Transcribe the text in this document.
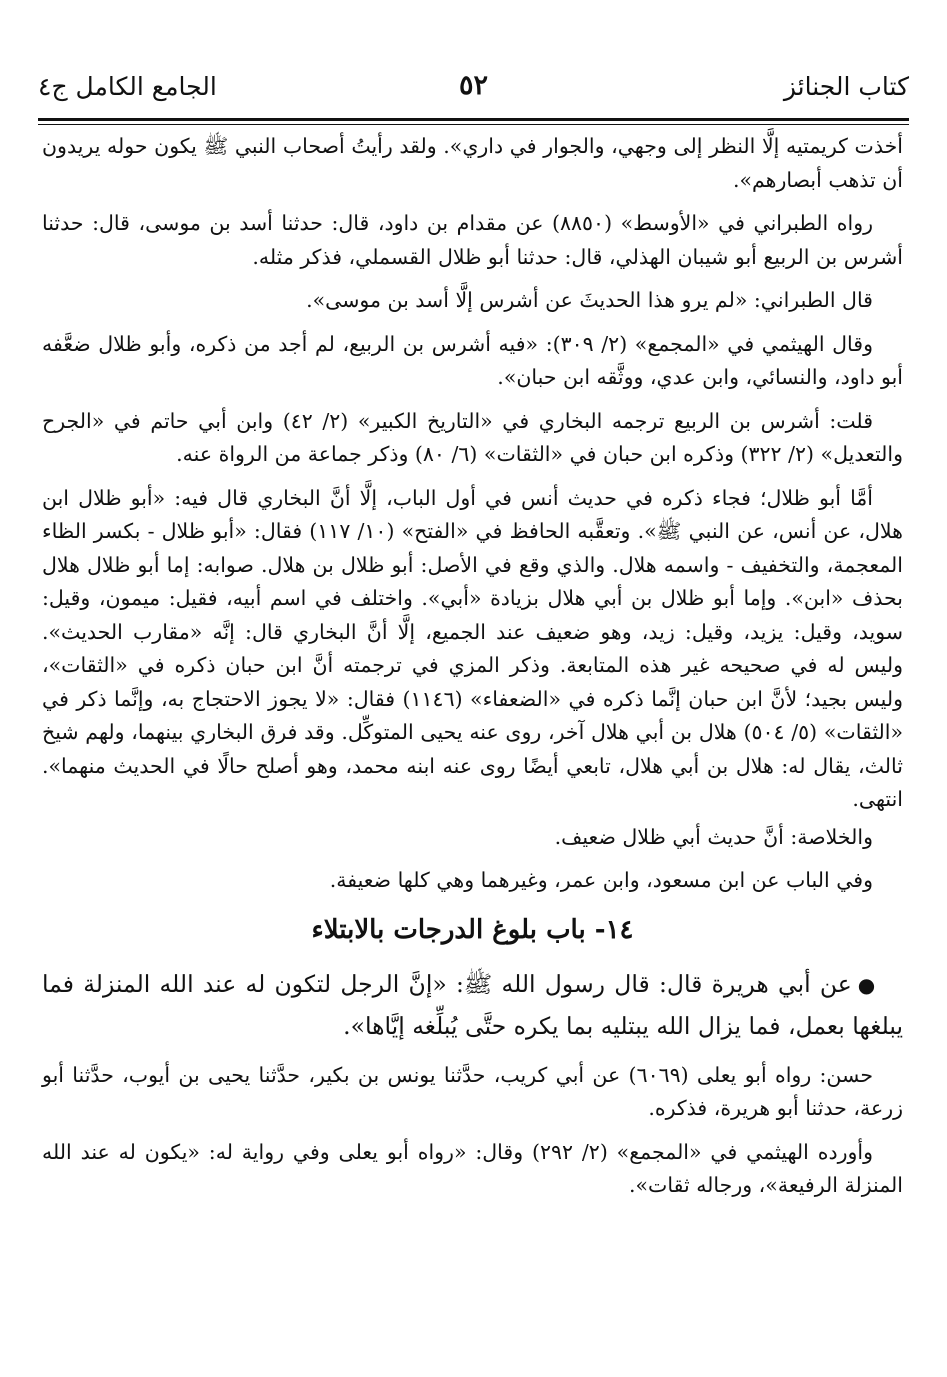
كتاب الجنائز
٥٢
الجامع الكامل ج٤

أخذت كريمتيه إلَّا النظر إلى وجهي، والجوار في داري». ولقد رأيتُ أصحاب النبي ﷺ يكون حوله يريدون أن تذهب أبصارهم».

رواه الطبراني في «الأوسط» (٨٨٥٠) عن مقدام بن داود، قال: حدثنا أسد بن موسى، قال: حدثنا أشرس بن الربيع أبو شيبان الهذلي، قال: حدثنا أبو ظلال القسملي، فذكر مثله.

قال الطبراني: «لم يرو هذا الحديثَ عن أشرس إلَّا أسد بن موسى».

وقال الهيثمي في «المجمع» (٢/ ٣٠٩): «فيه أشرس بن الربيع، لم أجد من ذكره، وأبو ظلال ضعَّفه أبو داود، والنسائي، وابن عدي، ووثَّقه ابن حبان».

قلت: أشرس بن الربيع ترجمه البخاري في «التاريخ الكبير» (٢/ ٤٢) وابن أبي حاتم في «الجرح والتعديل» (٢/ ٣٢٢) وذكره ابن حبان في «الثقات» (٦/ ٨٠) وذكر جماعة من الرواة عنه.

أمَّا أبو ظلال؛ فجاء ذكره في حديث أنس في أول الباب، إلَّا أنَّ البخاري قال فيه: «أبو ظلال ابن هلال، عن أنس، عن النبي ﷺ». وتعقَّبه الحافظ في «الفتح» (١٠/ ١١٧) فقال: «أبو ظلال - بكسر الظاء المعجمة، والتخفيف - واسمه هلال. والذي وقع في الأصل: أبو ظلال بن هلال. صوابه: إما أبو ظلال هلال بحذف «ابن». وإما أبو ظلال بن أبي هلال بزيادة «أبي». واختلف في اسم أبيه، فقيل: ميمون، وقيل: سويد، وقيل: يزيد، وقيل: زيد، وهو ضعيف عند الجميع، إلَّا أنَّ البخاري قال: إنَّه «مقارب الحديث». وليس له في صحيحه غير هذه المتابعة. وذكر المزي في ترجمته أنَّ ابن حبان ذكره في «الثقات»، وليس بجيد؛ لأنَّ ابن حبان إنَّما ذكره في «الضعفاء» (١١٤٦) فقال: «لا يجوز الاحتجاج به، وإنَّما ذكر في «الثقات» (٥/ ٥٠٤) هلال بن أبي هلال آخر، روى عنه يحيى المتوكِّل. وقد فرق البخاري بينهما، ولهم شيخ ثالث، يقال له: هلال بن أبي هلال، تابعي أيضًا روى عنه ابنه محمد، وهو أصلح حالًا في الحديث منهما». انتهى.

والخلاصة: أنَّ حديث أبي ظلال ضعيف.

وفي الباب عن ابن مسعود، وابن عمر، وغيرهما وهي كلها ضعيفة.

١٤- باب بلوغ الدرجات بالابتلاء

●عن أبي هريرة قال: قال رسول الله ﷺ: «إنَّ الرجل لتكون له عند الله المنزلة فما يبلغها بعمل، فما يزال الله يبتليه بما يكره حتَّى يُبلِّغه إيَّاها».

حسن: رواه أبو يعلى (٦٠٦٩) عن أبي كريب، حدَّثنا يونس بن بكير، حدَّثنا يحيى بن أيوب، حدَّثنا أبو زرعة، حدثنا أبو هريرة، فذكره.

وأورده الهيثمي في «المجمع» (٢/ ٢٩٢) وقال: «رواه أبو يعلى وفي رواية له: «يكون له عند الله المنزلة الرفيعة»، ورجاله ثقات».
